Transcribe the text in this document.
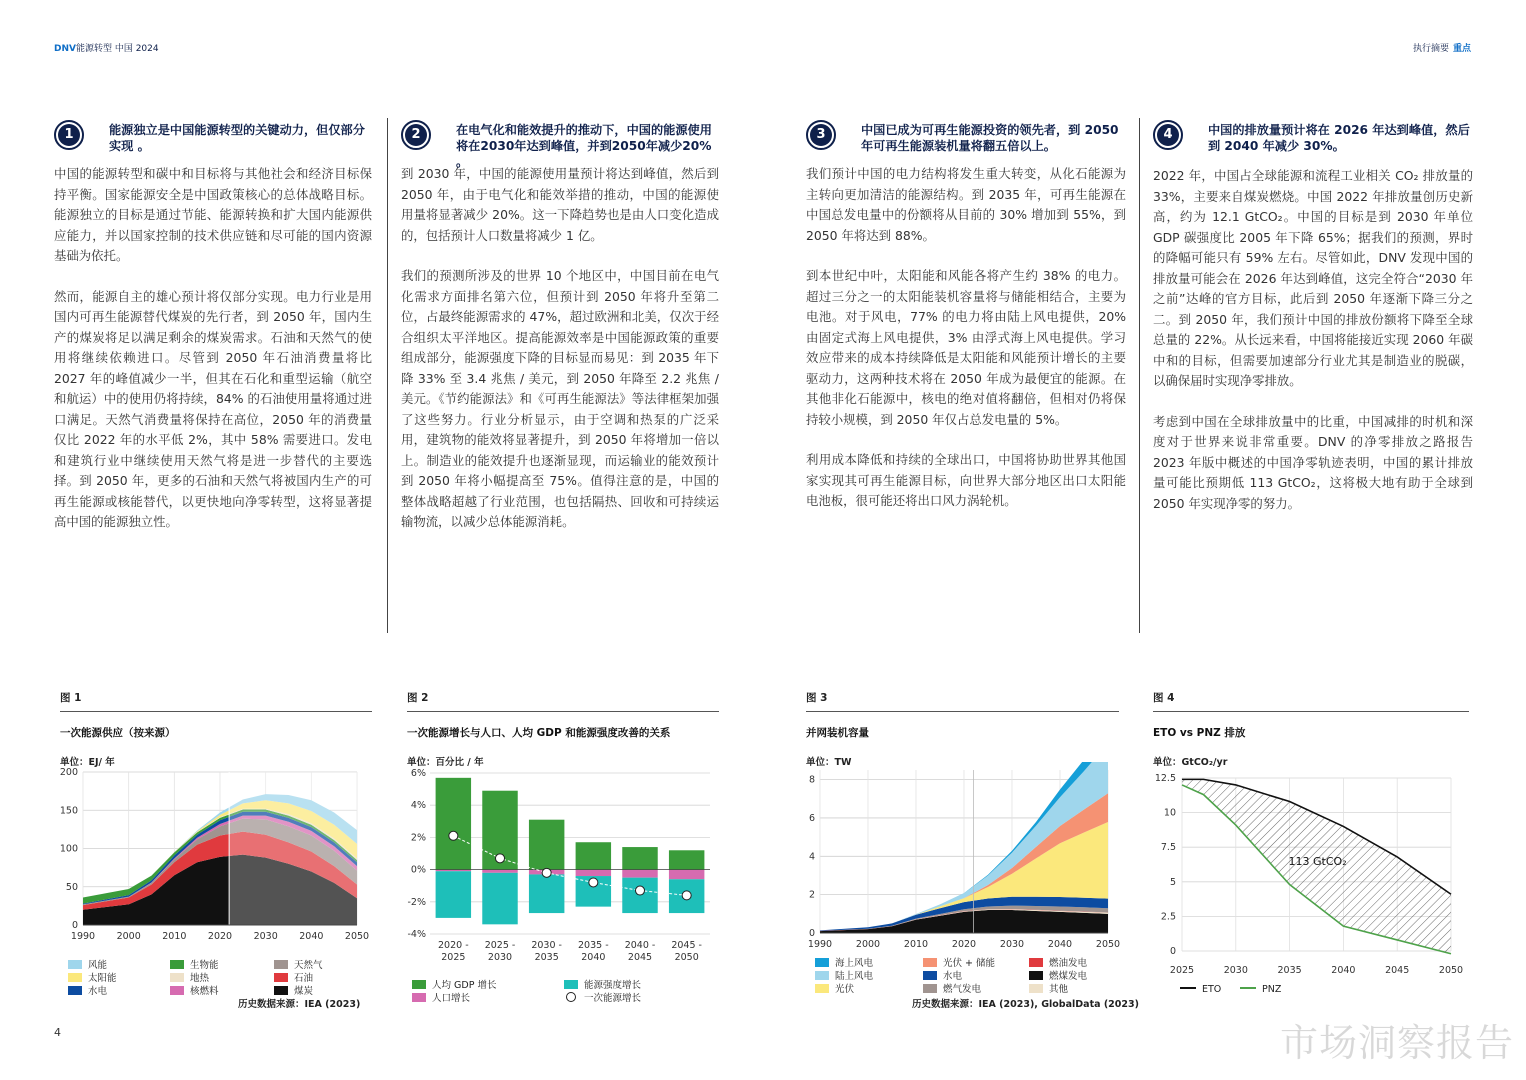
DNV能源转型 中国 2024	执行摘要 重点
1	能源独立是中国能源转型的关键动力，但仅部分实现 。

中国的能源转型和碳中和目标将与其他社会和经济目标保持平衡。国家能源安全是中国政策核心的总体战略目标。能源独立的目标是通过节能、能源转换和扩大国内能源供应能力，并以国家控制的技术供应链和尽可能的国内资源基础为依托。

然而，能源自主的雄心预计将仅部分实现。电力行业是用国内可再生能源替代煤炭的先行者，到 2050 年，国内生产的煤炭将足以满足剩余的煤炭需求。石油和天然气的使用将继续依赖进口。尽管到 2050 年石油消费量将比 2027 年的峰值减少一半，但其在石化和重型运输（航空和航运）中的使用仍将持续，84% 的石油使用量将通过进口满足。天然气消费量将保持在高位，2050 年的消费量仅比 2022 年的水平低 2%，其中 58% 需要进口。发电和建筑行业中继续使用天然气将是进一步替代的主要选择。到 2050 年，更多的石油和天然气将被国内生产的可再生能源或核能替代，以更快地向净零转型，这将显著提高中国的能源独立性。

2	在电气化和能效提升的推动下，中国的能源使用将在2030年达到峰值，并到2050年减少20% 。

到 2030 年，中国的能源使用量预计将达到峰值，然后到 2050 年，由于电气化和能效举措的推动，中国的能源使用量将显著减少 20%。这一下降趋势也是由人口变化造成的，包括预计人口数量将减少 1 亿。

我们的预测所涉及的世界 10 个地区中，中国目前在电气化需求方面排名第六位，但预计到 2050 年将升至第二位，占最终能源需求的 47%，超过欧洲和北美，仅次于经合组织太平洋地区。提高能源效率是中国能源政策的重要组成部分，能源强度下降的目标显而易见：到 2035 年下降 33% 至 3.4 兆焦 / 美元，到 2050 年降至 2.2 兆焦 / 美元。《节约能源法》和《可再生能源法》等法律框架加强了这些努力。行业分析显示，由于空调和热泵的广泛采用，建筑物的能效将显著提升，到 2050 年将增加一倍以上。制造业的能效提升也逐渐显现，而运输业的能效预计到 2050 年将小幅提高至 75%。值得注意的是，中国的整体战略超越了行业范围，也包括隔热、回收和可持续运输物流，以减少总体能源消耗。

3	中国已成为可再生能源投资的领先者，到 2050 年可再生能源装机量将翻五倍以上。

我们预计中国的电力结构将发生重大转变，从化石能源为主转向更加清洁的能源结构。到 2035 年，可再生能源在中国总发电量中的份额将从目前的 30% 增加到 55%，到 2050 年将达到 88%。

到本世纪中叶，太阳能和风能各将产生约 38% 的电力。超过三分之一的太阳能装机容量将与储能相结合，主要为电池。对于风电，77% 的电力将由陆上风电提供，20% 由固定式海上风电提供，3% 由浮式海上风电提供。学习效应带来的成本持续降低是太阳能和风能预计增长的主要驱动力，这两种技术将在 2050 年成为最便宜的能源。在其他非化石能源中，核电的绝对值将翻倍，但相对仍将保持较小规模，到 2050 年仅占总发电量的 5%。

利用成本降低和持续的全球出口，中国将协助世界其他国家实现其可再生能源目标，向世界大部分地区出口太阳能电池板，很可能还将出口风力涡轮机。

4	中国的排放量预计将在 2026 年达到峰值，然后到 2040 年减少 30%。

2022 年，中国占全球能源和流程工业相关 CO₂ 排放量的 33%，主要来自煤炭燃烧。中国 2022 年排放量创历史新高，约为 12.1 GtCO₂。中国的目标是到 2030 年单位 GDP 碳强度比 2005 年下降 65%；据我们的预测，界时的降幅可能只有 59% 左右。尽管如此，DNV 发现中国的排放量可能会在 2026 年达到峰值，这完全符合“2030 年之前”达峰的官方目标，此后到 2050 年逐渐下降三分之二。到 2050 年，我们预计中国的排放份额将下降至全球总量的 22%。从长远来看，中国将能接近实现 2060 年碳中和的目标，但需要加速部分行业尤其是制造业的脱碳，以确保届时实现净零排放。

考虑到中国在全球排放量中的比重，中国减排的时机和深度对于世界来说非常重要。DNV 的净零排放之路报告 2023 年版中概述的中国净零轨迹表明，中国的累计排放量可能比预期低 113 GtCO₂，这将极大地有助于全球到 2050 年实现净零的努力。

图 1
一次能源供应（按来源）
单位：EJ/ 年
0
50
100
150
200
1990 2000 2010 2020 2030 2040 2050
风能	生物能	天然气
太阳能	地热	石油
水电	核燃料	煤炭
历史数据来源：IEA (2023)
图 2
一次能源增长与人口、人均 GDP 和能源强度改善的关系
单位：百分比 / 年
6%
4%
2%
0%
-2%
-4%
2020 -
2025
2025 -
2030
2030 -
2035
2035 -
2040
2040 -
2045
2045 -
2050
人均 GDP 增长	能源强度增长
人口增长	一次能源增长
图 3
并网装机容量
单位：TW
0
2
4
6
8
1990	2000	2010	2020	2030	2040	2050
海上风电	光伏 + 储能	燃油发电
陆上风电	水电	燃煤发电
光伏	燃气发电	其他
历史数据来源：IEA (2023), GlobalData (2023)
图 4
ETO vs PNZ 排放
单位：GtCO₂/yr
0
2.5
5
7.5
10
12.5
2025	2030	2035	2040	2045	2050
113 GtCO₂
ETO	PNZ
4	市场洞察报告
